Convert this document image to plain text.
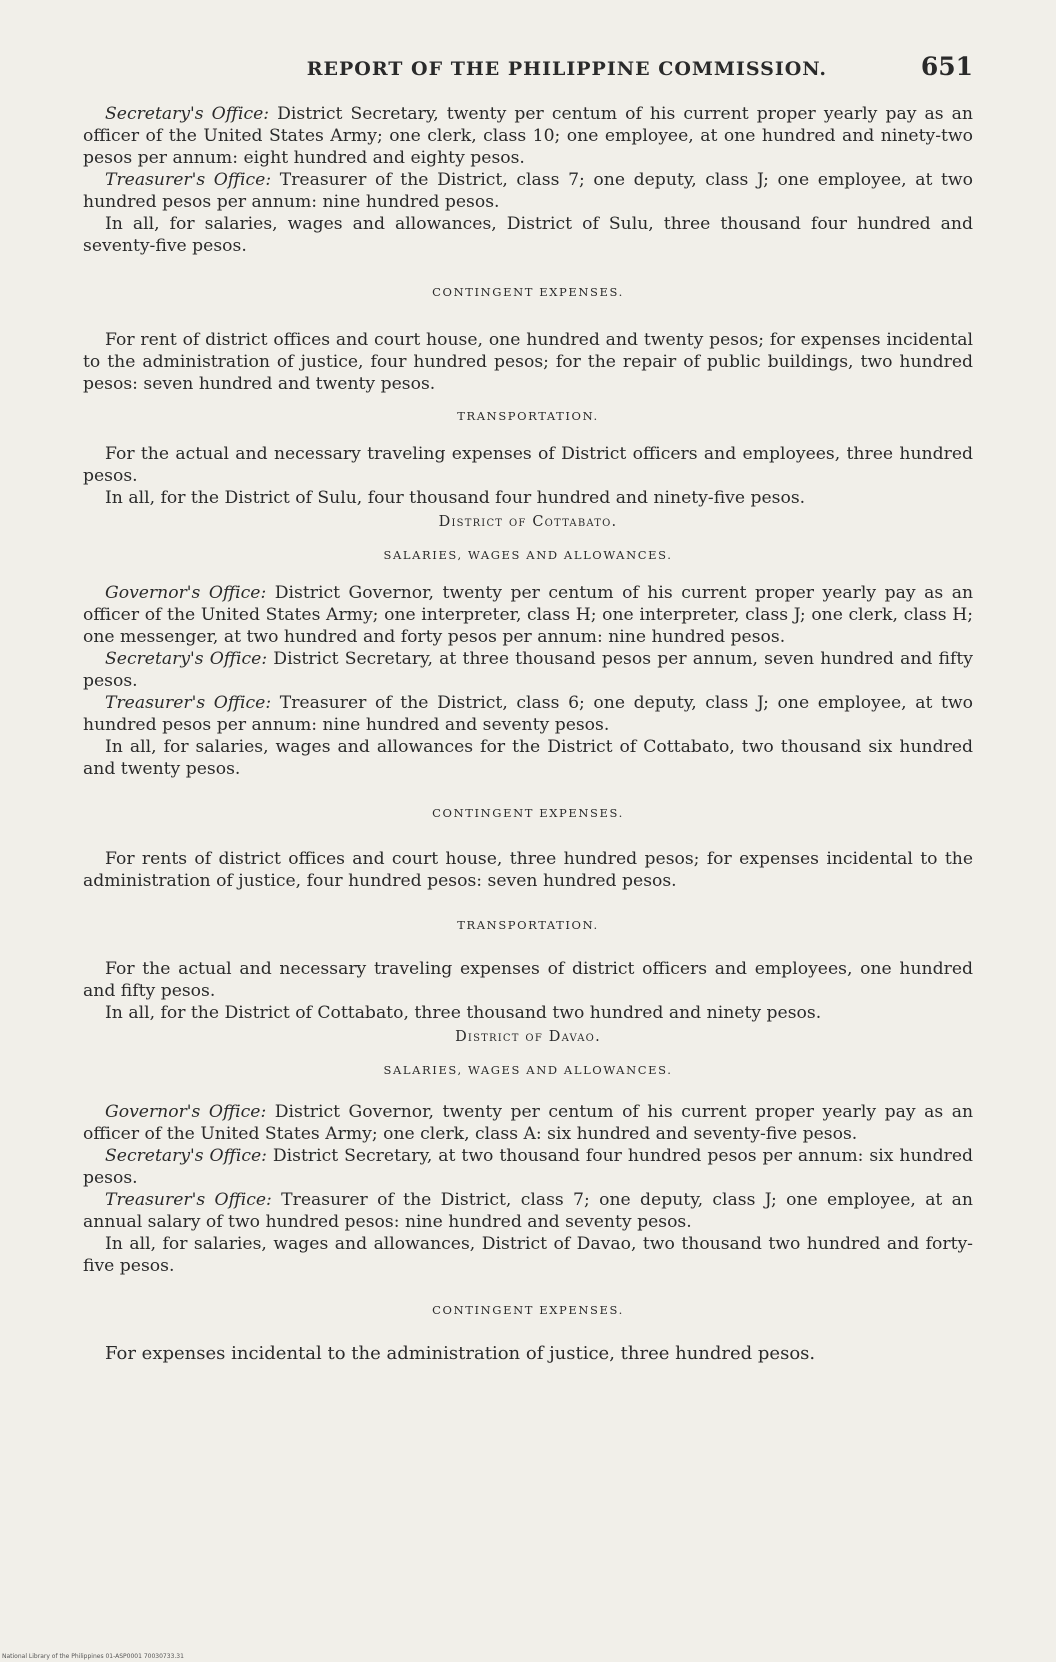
REPORT OF THE PHILIPPINE COMMISSION.	651

Secretary's Office: District Secretary, twenty per centum of his current proper yearly pay as an officer of the United States Army; one clerk, class 10; one employee, at one hundred and ninety-two pesos per annum: eight hundred and eighty pesos.

Treasurer's Office: Treasurer of the District, class 7; one deputy, class J; one employee, at two hundred pesos per annum: nine hundred pesos.

In all, for salaries, wages and allowances, District of Sulu, three thousand four hundred and seventy-five pesos.

CONTINGENT EXPENSES.

For rent of district offices and court house, one hundred and twenty pesos; for expenses incidental to the administration of justice, four hundred pesos; for the repair of public buildings, two hundred pesos: seven hundred and twenty pesos.

TRANSPORTATION.

For the actual and necessary traveling expenses of District officers and employees, three hundred pesos.

In all, for the District of Sulu, four thousand four hundred and ninety-five pesos.

District of Cottabato.
SALARIES, WAGES AND ALLOWANCES.

Governor's Office: District Governor, twenty per centum of his current proper yearly pay as an officer of the United States Army; one interpreter, class H; one interpreter, class J; one clerk, class H; one messenger, at two hundred and forty pesos per annum: nine hundred pesos.

Secretary's Office: District Secretary, at three thousand pesos per annum, seven hundred and fifty pesos.

Treasurer's Office: Treasurer of the District, class 6; one deputy, class J; one employee, at two hundred pesos per annum: nine hundred and seventy pesos.

In all, for salaries, wages and allowances for the District of Cottabato, two thousand six hundred and twenty pesos.

CONTINGENT EXPENSES.

For rents of district offices and court house, three hundred pesos; for expenses incidental to the administration of justice, four hundred pesos: seven hundred pesos.

TRANSPORTATION.

For the actual and necessary traveling expenses of district officers and employees, one hundred and fifty pesos.

In all, for the District of Cottabato, three thousand two hundred and ninety pesos.

District of Davao.
SALARIES, WAGES AND ALLOWANCES.

Governor's Office: District Governor, twenty per centum of his current proper yearly pay as an officer of the United States Army; one clerk, class A: six hundred and seventy-five pesos.

Secretary's Office: District Secretary, at two thousand four hundred pesos per annum: six hundred pesos.

Treasurer's Office: Treasurer of the District, class 7; one deputy, class J; one employee, at an annual salary of two hundred pesos: nine hundred and seventy pesos.

In all, for salaries, wages and allowances, District of Davao, two thousand two hundred and forty-five pesos.

CONTINGENT EXPENSES.

For expenses incidental to the administration of justice, three hundred pesos.

National Library of the Philippines 01-ASP0001 70030733.31
